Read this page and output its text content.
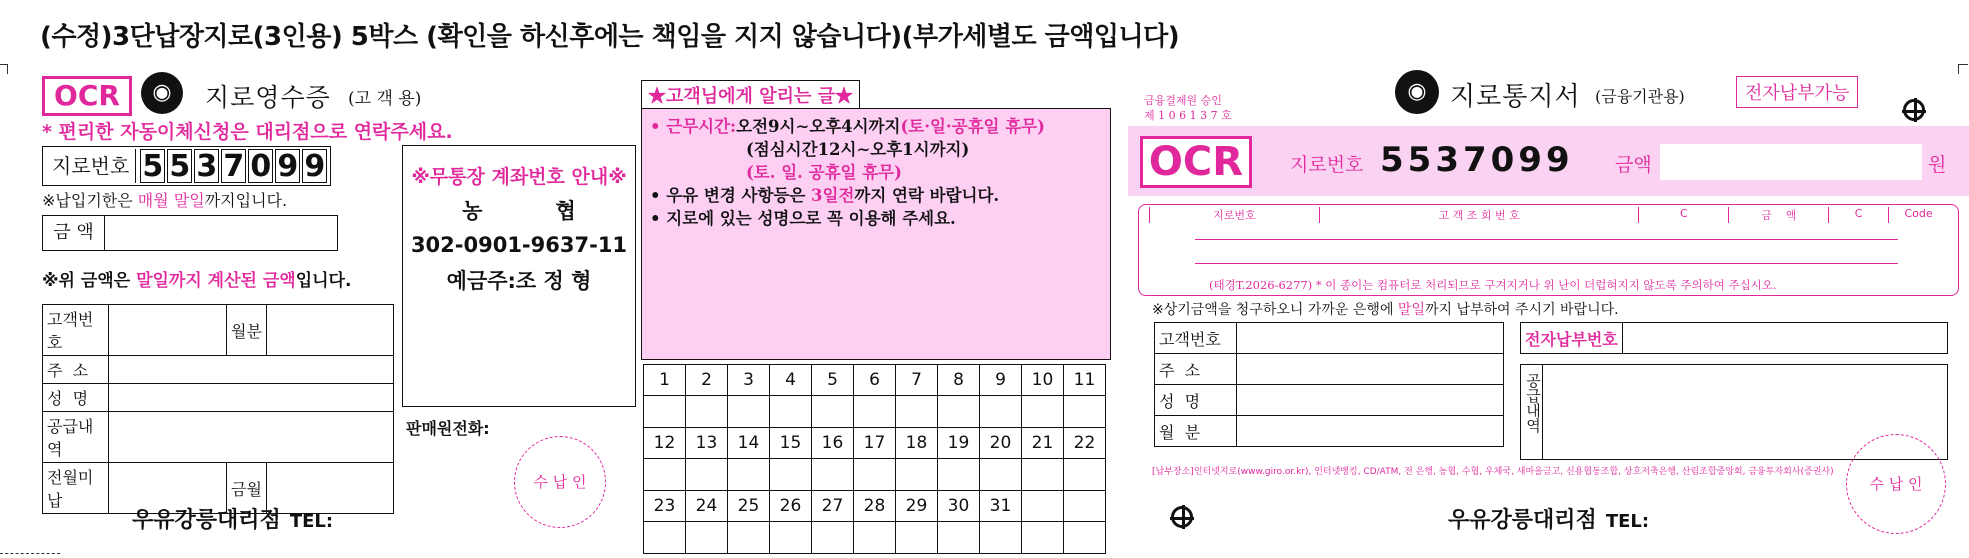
(수정)3단납장지로(3인용) 5박스 (확인을 하신후에는 책임을 지지 않습니다)(부가세별도 금액입니다)
OCR	◉	지로영수증 (고 객 용)
* 편리한 자동이체신청은 대리점으로 연락주세요.
지로번호 5 5 3 7 0 9 9
※납입기한은 매월 말일까지입니다.
금 액
※위 금액은 말일까지 계산된 금액입니다.
고객번호		월분	
주  소			
성  명			
공급내역			
전월미납		금월	
우유강릉대리점 TEL:
※무통장 계좌번호 안내※
농          협
302-0901-9637-11
예금주:조 정 형
판매원전화:
수 납 인
★고객님에게 알리는 글★
• 근무시간:오전9시∼오후4시까지(토·일·공휴일 휴무)
(점심시간12시∼오후1시까지)
(토. 일. 공휴일 휴무)
• 우유 변경 사항등은 3일전까지 연락 바랍니다.
• 지로에 있는 성명으로 꼭 이용해 주세요.
1	2	3	4	5	6	7	8	9	10	11

12	13	14	15	16	17	18	19	20	21	22

23	24	25	26	27	28	29	30	31		

금융결제원 승인
제 1 0 6 1 3 7 호
◉ 지로통지서 (금융기관용)	전자납부가능
OCR	지로번호 5537099 금액	원
지로번호	고 객 조 회 번 호	C	금    액	C	Code
(태경T.2026-6277) * 이 종이는 컴퓨터로 처리되므로 구겨지거나 위 난이 더럽혀지지 않도록 주의하여 주십시오.
※상기금액을 청구하오니 가까운 은행에 말일까지 납부하여 주시기 바랍니다.
고객번호	
주  소	
성  명	
월  분	
전자납부번호
공급내역
[납부장소]인터넷지로(www.giro.or.kr), 인터넷뱅킹, CD/ATM, 전 은행, 농협, 수협, 우체국, 새마을금고, 신용협동조합, 상호저축은행, 산림조합중앙회, 금융투자회사(증권사)
수 납 인
우유강릉대리점 TEL:
